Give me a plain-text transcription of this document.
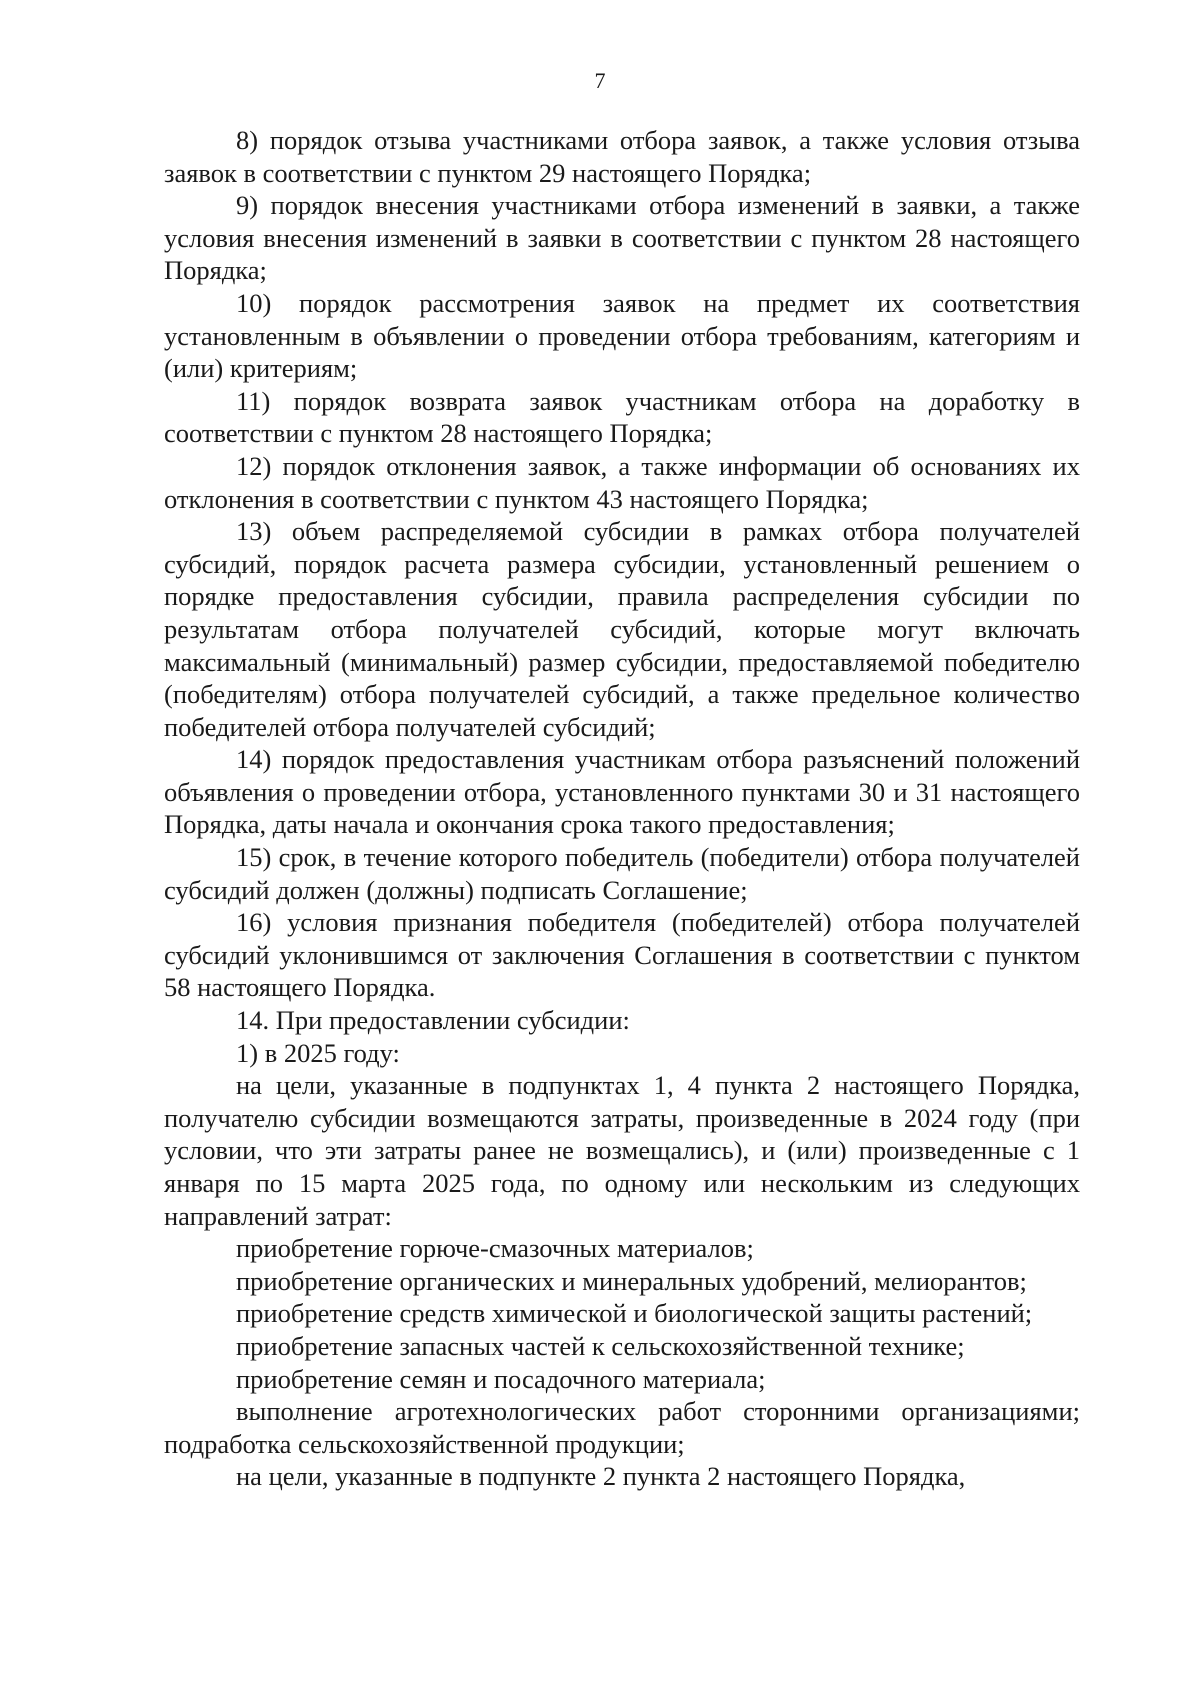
7

8) порядок отзыва участниками отбора заявок, а также условия отзыва заявок в соответствии с пунктом 29 настоящего Порядка;

9) порядок внесения участниками отбора изменений в заявки, а также условия внесения изменений в заявки в соответствии с пунктом 28 настоящего Порядка;

10) порядок рассмотрения заявок на предмет их соответствия установленным в объявлении о проведении отбора требованиям, категориям и (или) критериям;

11) порядок возврата заявок участникам отбора на доработку в соответствии с пунктом 28 настоящего Порядка;

12) порядок отклонения заявок, а также информации об основаниях их отклонения в соответствии с пунктом 43 настоящего Порядка;

13) объем распределяемой субсидии в рамках отбора получателей субсидий, порядок расчета размера субсидии, установленный решением о порядке предоставления субсидии, правила распределения субсидии по результатам отбора получателей субсидий, которые могут включать максимальный (минимальный) размер субсидии, предоставляемой победителю (победителям) отбора получателей субсидий, а также предельное количество победителей отбора получателей субсидий;

14) порядок предоставления участникам отбора разъяснений положений объявления о проведении отбора, установленного пунктами 30 и 31 настоящего Порядка, даты начала и окончания срока такого предоставления;

15) срок, в течение которого победитель (победители) отбора получателей субсидий должен (должны) подписать Соглашение;

16) условия признания победителя (победителей) отбора получателей субсидий уклонившимся от заключения Соглашения в соответствии с пунктом 58 настоящего Порядка.

14. При предоставлении субсидии:

1) в 2025 году:

на цели, указанные в подпунктах 1, 4 пункта 2 настоящего Порядка, получателю субсидии возмещаются затраты, произведенные в 2024 году (при условии, что эти затраты ранее не возмещались), и (или) произведенные с 1 января по 15 марта 2025 года, по одному или нескольким из следующих направлений затрат:

приобретение горюче-смазочных материалов;

приобретение органических и минеральных удобрений, мелиорантов;

приобретение средств химической и биологической защиты растений;

приобретение запасных частей к сельскохозяйственной технике;

приобретение семян и посадочного материала;

выполнение агротехнологических работ сторонними организациями; подработка сельскохозяйственной продукции;

на цели, указанные в подпункте 2 пункта 2 настоящего Порядка,
